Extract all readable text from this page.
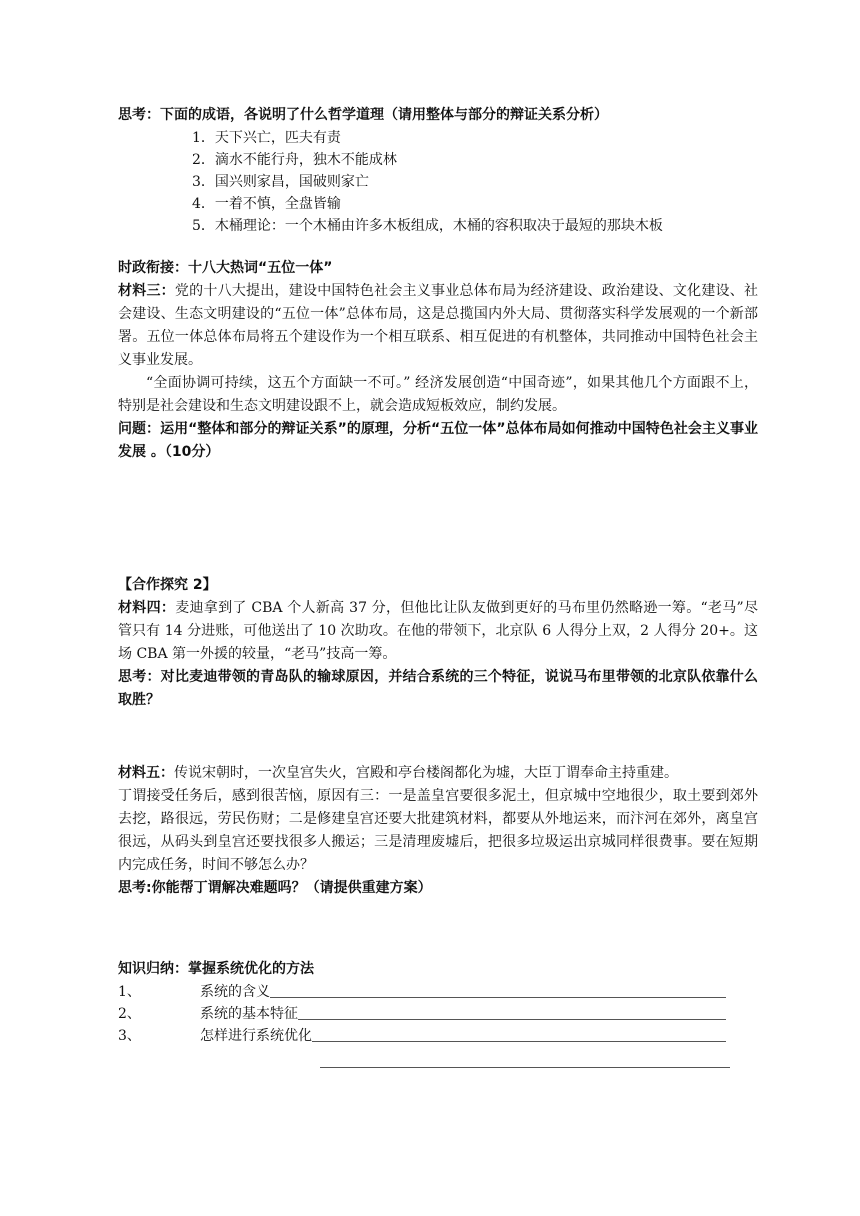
思考：下面的成语，各说明了什么哲学道理（请用整体与部分的辩证关系分析）
1．天下兴亡，匹夫有责
2．滴水不能行舟，独木不能成林
3．国兴则家昌，国破则家亡
4．一着不慎，全盘皆输
5．木桶理论：一个木桶由许多木板组成，木桶的容积取决于最短的那块木板
时政衔接：十八大热词“五位一体”
材料三：党的十八大提出，建设中国特色社会主义事业总体布局为经济建设、政治建设、文化建设、社会建设、生态文明建设的“五位一体”总体布局，这是总揽国内外大局、贯彻落实科学发展观的一个新部署。五位一体总体布局将五个建设作为一个相互联系、相互促进的有机整体，共同推动中国特色社会主义事业发展。
“全面协调可持续，这五个方面缺一不可。” 经济发展创造“中国奇迹”，如果其他几个方面跟不上，特别是社会建设和生态文明建设跟不上，就会造成短板效应，制约发展。
问题：运用“整体和部分的辩证关系”的原理，分析“五位一体”总体布局如何推动中国特色社会主义事业发展 。（10分）
【合作探究 2】
材料四：麦迪拿到了 CBA 个人新高 37 分，但他比让队友做到更好的马布里仍然略逊一筹。“老马”尽管只有 14 分进账，可他送出了 10 次助攻。在他的带领下，北京队 6 人得分上双，2 人得分 20+。这场 CBA 第一外援的较量，“老马”技高一筹。
思考：对比麦迪带领的青岛队的输球原因，并结合系统的三个特征，说说马布里带领的北京队依靠什么取胜？
材料五：传说宋朝时，一次皇宫失火，宫殿和亭台楼阁都化为墟，大臣丁谓奉命主持重建。
丁谓接受任务后，感到很苦恼，原因有三：一是盖皇宫要很多泥土，但京城中空地很少，取土要到郊外去挖，路很远，劳民伤财；二是修建皇宫还要大批建筑材料，都要从外地运来，而汴河在郊外，离皇宫很远，从码头到皇宫还要找很多人搬运；三是清理废墟后，把很多垃圾运出京城同样很费事。要在短期内完成任务，时间不够怎么办？
思考:你能帮丁谓解决难题吗？（请提供重建方案）
知识归纳：掌握系统优化的方法
1、	系统的含义
2、	系统的基本特征
3、	怎样进行系统优化
